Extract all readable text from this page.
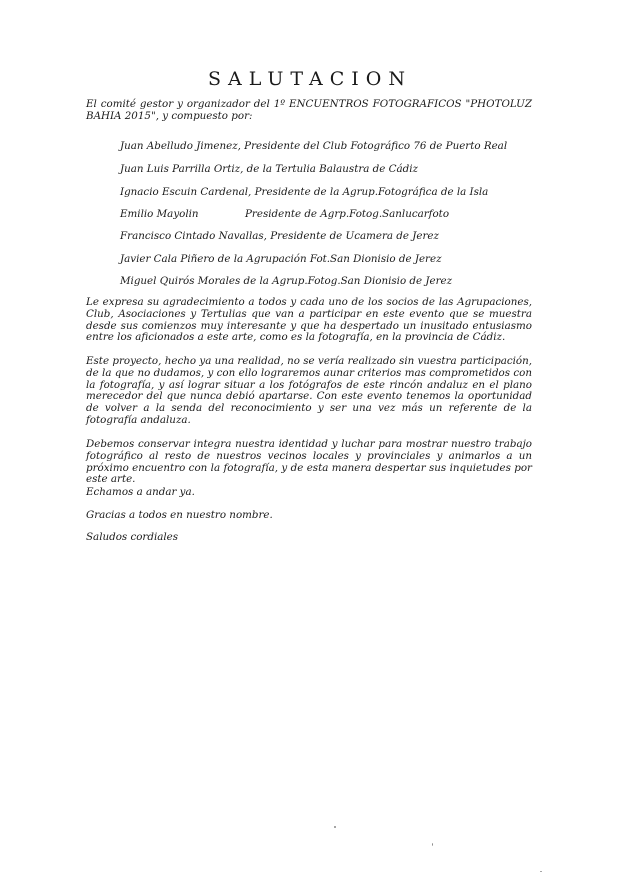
SALUTACION

El comité gestor y organizador del 1º ENCUENTROS FOTOGRAFICOS "PHOTOLUZ BAHIA 2015", y compuesto por:

Juan Abelludo Jimenez, Presidente del Club Fotográfico 76 de Puerto Real

Juan Luis Parrilla Ortiz, de la Tertulia Balaustra de Cádiz

Ignacio Escuin Cardenal, Presidente de la Agrup.Fotográfica de la Isla

Emilio Mayolin	Presidente de Agrp.Fotog.Sanlucarfoto

Francisco Cintado Navallas, Presidente de Ucamera de Jerez

Javier Cala Piñero de la Agrupación Fot.San Dionisio de Jerez

Miguel Quirós Morales de la Agrup.Fotog.San Dionisio de Jerez

Le expresa su agradecimiento a todos y cada uno de los socios de las Agrupaciones, Club, Asociaciones y Tertulias que van a participar en este evento que se muestra desde sus comienzos muy interesante y que ha despertado un inusitado entusiasmo entre los aficionados a este arte, como es la fotografía, en la provincia de Cádiz.

Este proyecto, hecho ya una realidad, no se vería realizado sin vuestra participación, de la que no dudamos, y con ello lograremos aunar criterios mas comprometidos con la fotografía, y así lograr situar a los fotógrafos de este rincón andaluz en el plano merecedor del que nunca debió apartarse. Con este evento tenemos la oportunidad de volver a la senda del reconocimiento y ser una vez más un referente de la fotografía andaluza.

Debemos conservar integra nuestra identidad y luchar para mostrar nuestro trabajo fotográfico al resto de nuestros vecinos locales y provinciales y animarlos a un próximo encuentro con la fotografía, y de esta manera despertar sus inquietudes por este arte.

Echamos a andar ya.

Gracias a todos en nuestro nombre.

Saludos cordiales
